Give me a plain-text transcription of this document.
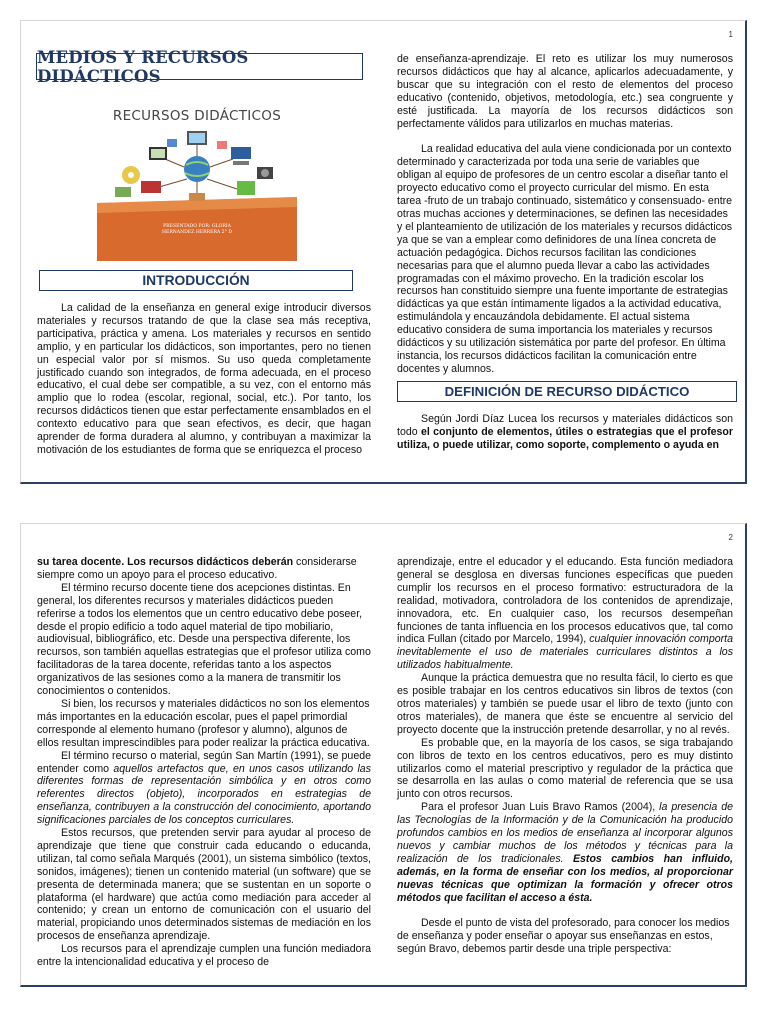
1
MEDIOS Y RECURSOS DIDÁCTICOS
RECURSOS DIDÁCTICOS
PRESENTADO POR: GLORIA HERNANDEZ HERRERA 2° D
INTRODUCCIÓN

La calidad de la enseñanza en general exige introducir diversos materiales y recursos tratando de que la clase sea más receptiva, participativa, práctica y amena. Los materiales y recursos en sentido amplio, y en particular los didácticos, son importantes, pero no tienen un especial valor por sí mismos. Su uso queda completamente justificado cuando son integrados, de forma adecuada, en el proceso educativo, el cual debe ser compatible, a su vez, con el entorno más amplio que lo rodea (escolar, regional, social, etc.). Por tanto, los recursos didácticos tienen que estar perfectamente ensamblados en el contexto educativo para que sean efectivos, es decir, que hagan aprender de forma duradera al alumno, y contribuyan a maximizar la motivación de los estudiantes de forma que se enriquezca el proceso

de enseñanza-aprendizaje. El reto es utilizar los muy numerosos recursos didácticos que hay al alcance, aplicarlos adecuadamente, y buscar que su integración con el resto de elementos del proceso educativo (contenido, objetivos, metodología, etc.) sea congruente y esté justificada. La mayoría de los recursos didácticos son perfectamente válidos para utilizarlos en muchas materias.

La realidad educativa del aula viene condicionada por un contexto determinado y caracterizada por toda una serie de variables que obligan al equipo de profesores de un centro escolar a diseñar tanto el proyecto educativo como el proyecto curricular del mismo. En esta tarea -fruto de un trabajo continuado, sistemático y consensuado- entre otras muchas acciones y determinaciones, se definen las necesidades y el planteamiento de utilización de los materiales y recursos didácticos ya que se van a emplear como definidores de una línea concreta de actuación pedagógica. Dichos recursos facilitan las condiciones necesarias para que el alumno pueda llevar a cabo las actividades programadas con el máximo provecho. En la tradición escolar los recursos han constituido siempre una fuente importante de estrategias didácticas ya que están íntimamente ligados a la actividad educativa, estimulándola y encauzándola debidamente. El actual sistema educativo considera de suma importancia los materiales y recursos didácticos y su utilización sistemática por parte del profesor. En última instancia, los recursos didácticos facilitan la comunicación entre docentes y alumnos.

DEFINICIÓN DE RECURSO DIDÁCTICO

Según Jordi Díaz Lucea los recursos y materiales didácticos son todo el conjunto de elementos, útiles o estrategias que el profesor utiliza, o puede utilizar, como soporte, complemento o ayuda en

2

su tarea docente. Los recursos didácticos deberán considerarse siempre como un apoyo para el proceso educativo.

El término recurso docente tiene dos acepciones distintas. En general, los diferentes recursos y materiales didácticos pueden referirse a todos los elementos que un centro educativo debe poseer, desde el propio edificio a todo aquel material de tipo mobiliario, audiovisual, bibliográfico, etc. Desde una perspectiva diferente, los recursos, son también aquellas estrategias que el profesor utiliza como facilitadoras de la tarea docente, referidas tanto a los aspectos organizativos de las sesiones como a la manera de transmitir los conocimientos o contenidos.

Si bien, los recursos y materiales didácticos no son los elementos más importantes en la educación escolar, pues el papel primordial corresponde al elemento humano (profesor y alumno), algunos de ellos resultan imprescindibles para poder realizar la práctica educativa.

El término recurso o material, según San Martín (1991), se puede entender como aquellos artefactos que, en unos casos utilizando las diferentes formas de representación simbólica y en otros como referentes directos (objeto), incorporados en estrategias de enseñanza, contribuyen a la construcción del conocimiento, aportando significaciones parciales de los conceptos curriculares.

Estos recursos, que pretenden servir para ayudar al proceso de aprendizaje que tiene que construir cada educando o educanda, utilizan, tal como señala Marqués (2001), un sistema simbólico (textos, sonidos, imágenes); tienen un contenido material (un software) que se presenta de determinada manera; que se sustentan en un soporte o plataforma (el hardware) que actúa como mediación para acceder al contenido; y crean un entorno de comunicación con el usuario del material, propiciando unos determinados sistemas de mediación en los procesos de enseñanza aprendizaje.

Los recursos para el aprendizaje cumplen una función mediadora entre la intencionalidad educativa y el proceso de

aprendizaje, entre el educador y el educando. Esta función mediadora general se desglosa en diversas funciones específicas que pueden cumplir los recursos en el proceso formativo: estructuradora de la realidad, motivadora, controladora de los contenidos de aprendizaje, innovadora, etc. En cualquier caso, los recursos desempeñan funciones de tanta influencia en los procesos educativos que, tal como indica Fullan (citado por Marcelo, 1994), cualquier innovación comporta inevitablemente el uso de materiales curriculares distintos a los utilizados habitualmente.

Aunque la práctica demuestra que no resulta fácil, lo cierto es que es posible trabajar en los centros educativos sin libros de textos (con otros materiales) y también se puede usar el libro de texto (junto con otros materiales), de manera que éste se encuentre al servicio del proyecto docente que la instrucción pretende desarrollar, y no al revés.

Es probable que, en la mayoría de los casos, se siga trabajando con libros de texto en los centros educativos, pero es muy distinto utilizarlos como el material prescriptivo y regulador de la práctica que se desarrolla en las aulas o como material de referencia que se usa junto con otros recursos.

Para el profesor Juan Luis Bravo Ramos (2004), la presencia de las Tecnologías de la Información y de la Comunicación ha producido profundos cambios en los medios de enseñanza al incorporar algunos nuevos y cambiar muchos de los métodos y técnicas para la realización de los tradicionales. Estos cambios han influido, además, en la forma de enseñar con los medios, al proporcionar nuevas técnicas que optimizan la formación y ofrecer otros métodos que facilitan el acceso a ésta.

Desde el punto de vista del profesorado, para conocer los medios de enseñanza y poder enseñar o apoyar sus enseñanzas en estos, según Bravo, debemos partir desde una triple perspectiva:
